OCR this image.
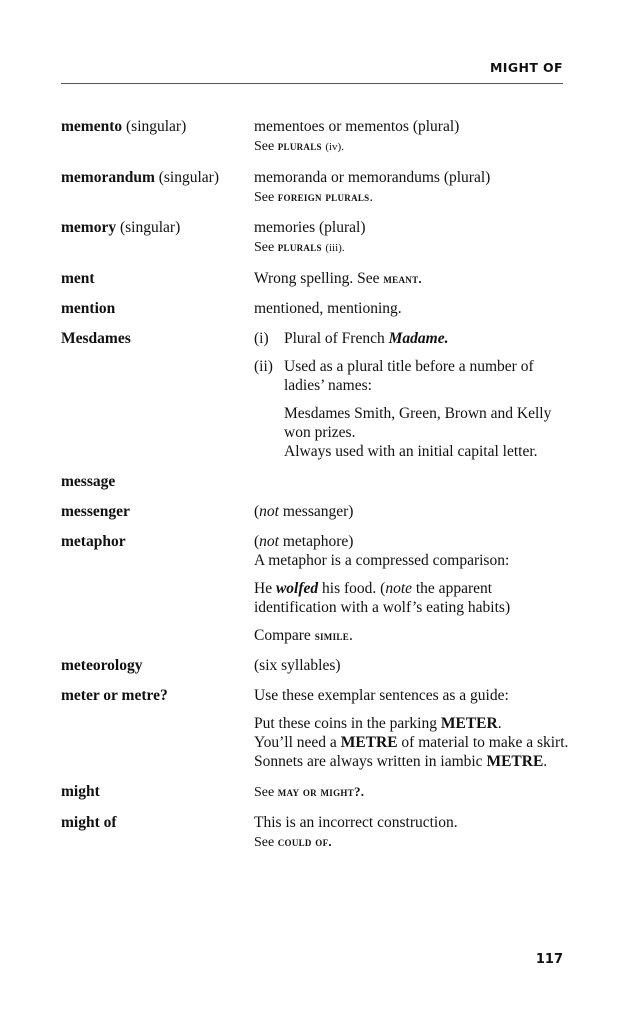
MIGHT OF
memento (singular)	mementoes or mementos (plural)

See plurals (iv).

memorandum (singular)	memoranda or memorandums (plural)

See foreign plurals.

memory (singular)	memories (plural)

See plurals (iii).

ment	Wrong spelling. See meant.

mention	mentioned, mentioning.

Mesdames	(i) Plural of French Madame.
(ii) Used as a plural title before a number of ladies’ names:

Mesdames Smith, Green, Brown and Kelly won prizes.

Always used with an initial capital letter.

message
messenger	(not messanger)

metaphor	(not metaphore)

A metaphor is a compressed comparison:

He wolfed his food. (note the apparent identification with a wolf’s eating habits)

Compare simile.

meteorology	(six syllables)

meter or metre?	Use these exemplar sentences as a guide:

Put these coins in the parking METER.

You’ll need a METRE of material to make a skirt.

Sonnets are always written in iambic METRE.

might	See may or might?.

might of	This is an incorrect construction.

See could of.

117
